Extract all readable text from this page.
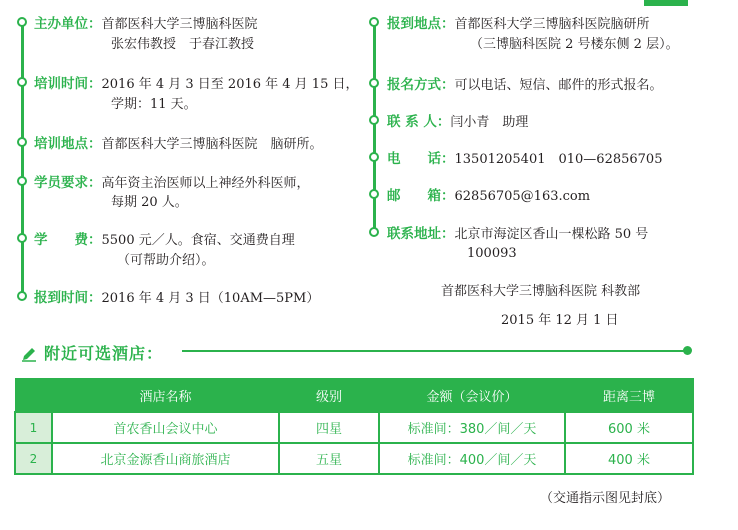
主办单位：首都医科大学三博脑科医院
张宏伟教授　于春江教授
培训时间：2016 年 4 月 3 日至 2016 年 4 月 15 日，
学期：11 天。
培训地点：首都医科大学三博脑科医院　脑研所。
学员要求：高年资主治医师以上神经外科医师，
每期 20 人。
学　　费：5500 元／人。食宿、交通费自理
（可帮助介绍）。
报到时间：2016 年 4 月 3 日（10AM—5PM）
报到地点：首都医科大学三博脑科医院脑研所
（三博脑科医院 2 号楼东侧 2 层）。
报名方式：可以电话、短信、邮件的形式报名。
联 系 人：闫小青　助理
电　　话：13501205401　010—62856705
邮　　箱：62856705@163.com
联系地址：北京市海淀区香山一棵松路 50 号
100093
首都医科大学三博脑科医院 科教部
2015 年 12 月 1 日
附近可选酒店：
	酒店名称	级别	金额（会议价）	距离三博
1	首农香山会议中心	四星	标准间：380／间／天	600 米
2	北京金源香山商旅酒店	五星	标准间：400／间／天	400 米
（交通指示图见封底）
